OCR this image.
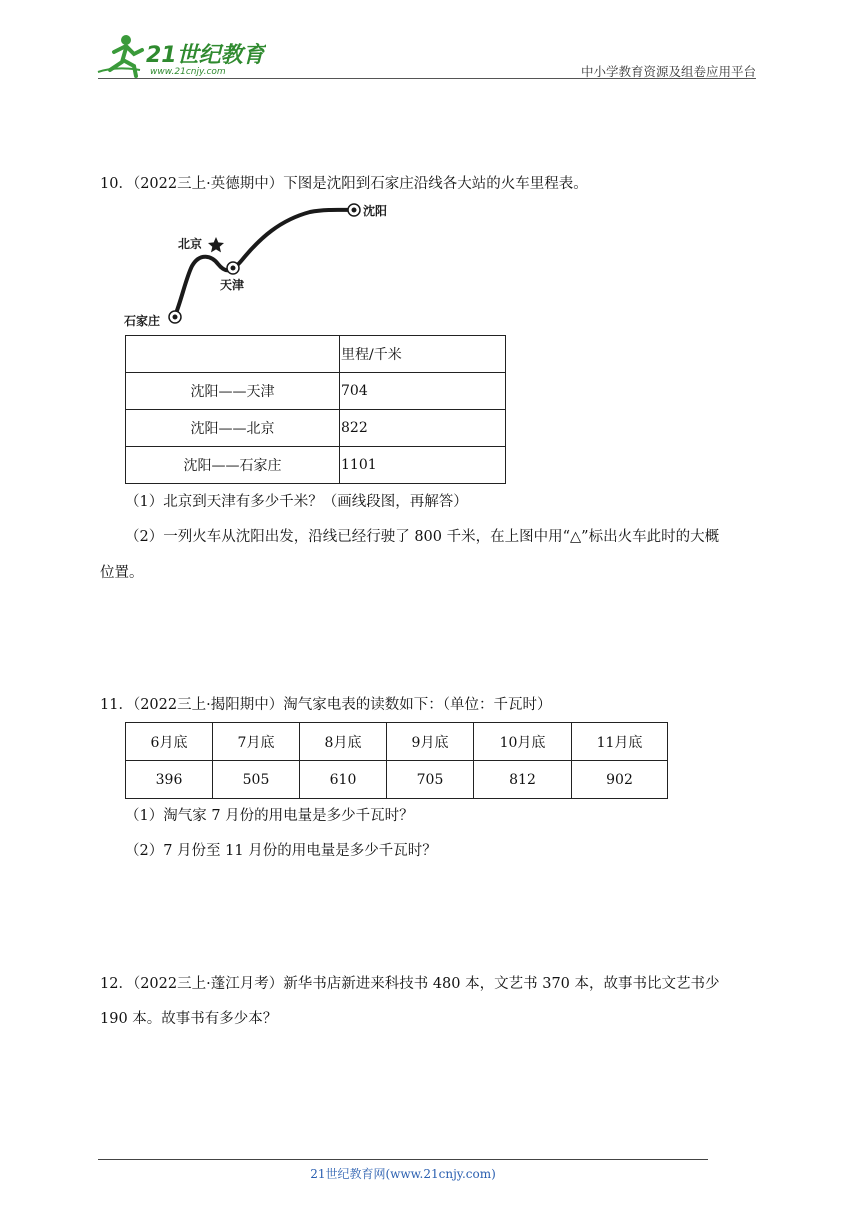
21世纪教育
www.21cnjy.com	中小学教育资源及组卷应用平台
10．（2022三上·英德期中）下图是沈阳到石家庄沿线各大站的火车里程表。
沈阳
北京
天津
石家庄
	里程/千米
沈阳——天津	704
沈阳——北京	822
沈阳——石家庄	1101
（1）北京到天津有多少千米？（画线段图，再解答）
（2）一列火车从沈阳出发，沿线已经行驶了 800 千米，在上图中用“△”标出火车此时的大概
位置。
11．（2022三上·揭阳期中）淘气家电表的读数如下：（单位：千瓦时）
6月底	7月底	8月底	9月底	10月底	11月底
396	505	610	705	812	902
（1）淘气家 7 月份的用电量是多少千瓦时？
（2）7 月份至 11 月份的用电量是多少千瓦时？
12．（2022三上·蓬江月考）新华书店新进来科技书 480 本，文艺书 370 本，故事书比文艺书少
190 本。故事书有多少本？
21世纪教育网(www.21cnjy.com)
